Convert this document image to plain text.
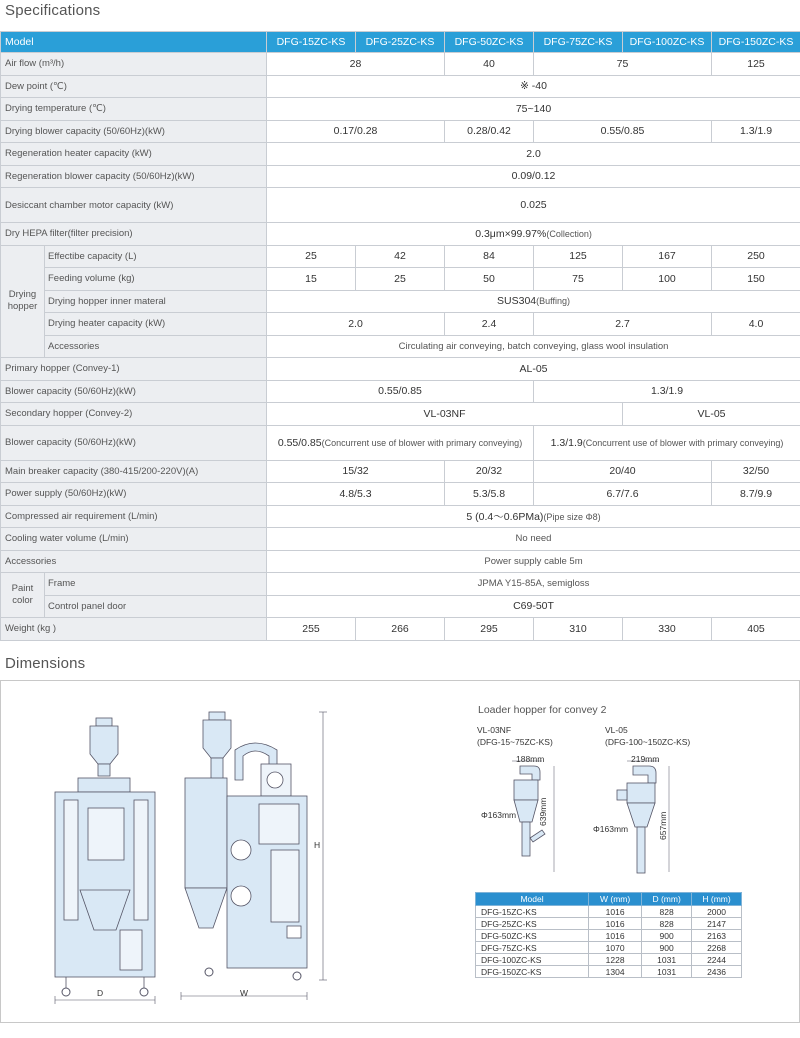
Specifications
Model		DFG-15ZC-KS	DFG-25ZC-KS	DFG-50ZC-KS	DFG-75ZC-KS	DFG-100ZC-KS	DFG-150ZC-KS
Air flow (m³/h)		28		40	75		125
Dew point (℃)		※ -40					
Drying temperature (℃)		75~140					
Drying blower capacity (50/60Hz)(kW)		0.17/0.28		0.28/0.42	0.55/0.85		1.3/1.9
Regeneration heater capacity (kW)		2.0					
Regeneration blower capacity (50/60Hz)(kW)		0.09/0.12					
Desiccant chamber motor capacity (kW)		0.025					
Dry HEPA filter(filter precision)		0.3μm×99.97%(Collection)					
Drying hopper	Effectibe capacity (L)	25	42	84	125	167	250
	Feeding volume (kg)	15	25	50	75	100	150
	Drying hopper inner materal	SUS304(Buffing)					
	Drying heater capacity (kW)	2.0		2.4	2.7		4.0
	Accessories	Circulating air conveying, batch conveying, glass wool insulation					
Primary hopper (Convey-1)		AL-05					
Blower capacity (50/60Hz)(kW)		0.55/0.85			1.3/1.9		
Secondary hopper (Convey-2)		VL-03NF				VL-05	
Blower capacity (50/60Hz)(kW)		0.55/0.85(Concurrent use of blower with primary conveying)			1.3/1.9(Concurrent use of blower with primary conveying)		
Main breaker capacity (380-415/200-220V)(A)		15/32		20/32	20/40		32/50
Power supply (50/60Hz)(kW)		4.8/5.3		5.3/5.8	6.7/7.6		8.7/9.9
Compressed air requirement (L/min)		5 (0.4～0.6PMa)(Pipe size Φ8)					
Cooling water volume (L/min)		No need					
Accessories		Power supply cable 5m					
Paint color	Frame	JPMA Y15-85A, semigloss					
	Control panel door	C69-50T					
Weight (kg )		255	266	295	310	330	405
Dimensions
D	W
H
Loader hopper for convey 2
VL-03NF
(DFG-15~75ZC-KS)
VL-05
(DFG-100~150ZC-KS)
188mm
Φ163mm	639mm
219mm
Φ163mm	657mm
Model	W (mm)	D (mm)	H (mm)
DFG-15ZC-KS	1016	828	2000
DFG-25ZC-KS	1016	828	2147
DFG-50ZC-KS	1016	900	2163
DFG-75ZC-KS	1070	900	2268
DFG-100ZC-KS	1228	1031	2244
DFG-150ZC-KS	1304	1031	2436
